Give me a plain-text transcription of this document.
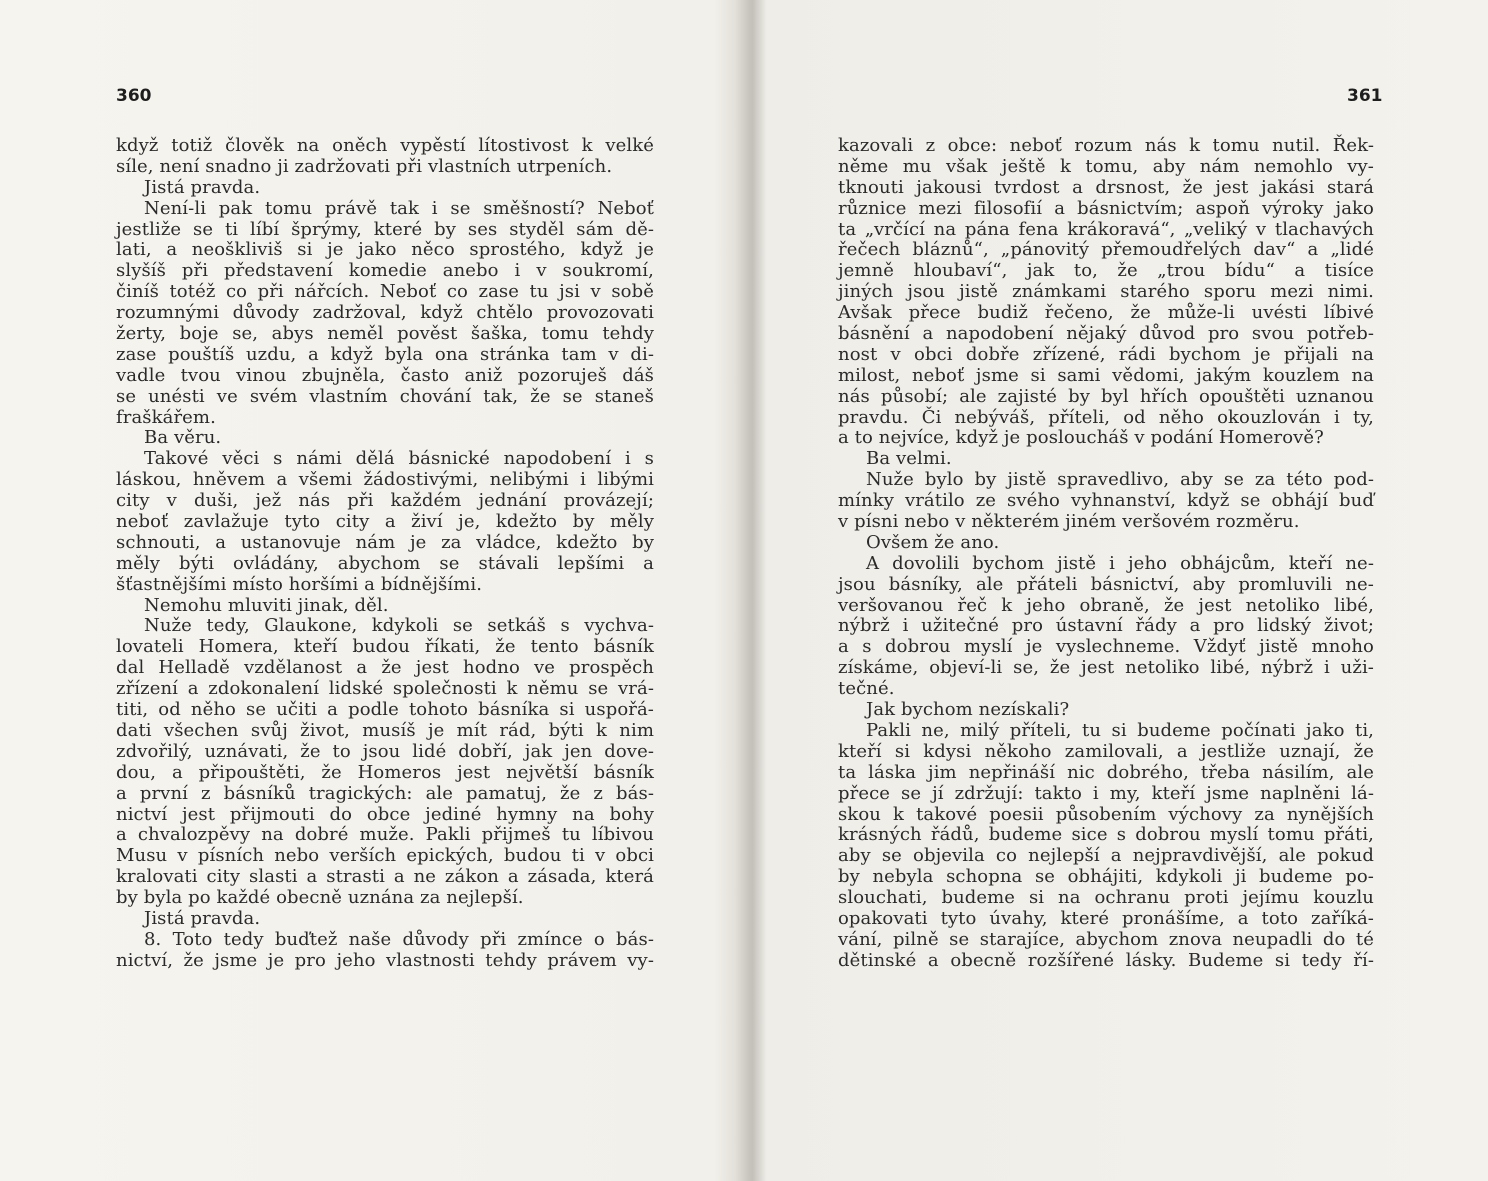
360
když totiž člověk na oněch vypěstí lítostivost k velké
síle, není snadno ji zadržovati při vlastních utrpeních.
Jistá pravda.
Není-li pak tomu právě tak i se směšností? Neboť
jestliže se ti líbí šprýmy, které by ses styděl sám dě-
lati, a neoškliviš si je jako něco sprostého, když je
slyšíš při představení komedie anebo i v soukromí,
činíš totéž co při nářcích. Neboť co zase tu jsi v sobě
rozumnými důvody zadržoval, když chtělo provozovati
žerty, boje se, abys neměl pověst šaška, tomu tehdy
zase pouštíš uzdu, a když byla ona stránka tam v di-
vadle tvou vinou zbujněla, často aniž pozoruješ dáš
se unésti ve svém vlastním chování tak, že se staneš
fraškářem.
Ba věru.
Takové věci s námi dělá básnické napodobení i s
láskou, hněvem a všemi žádostivými, nelibými i libými
city v duši, jež nás při každém jednání provázejí;
neboť zavlažuje tyto city a živí je, kdežto by měly
schnouti, a ustanovuje nám je za vládce, kdežto by
měly býti ovládány, abychom se stávali lepšími a
šťastnějšími místo horšími a bídnějšími.
Nemohu mluviti jinak, děl.
Nuže tedy, Glaukone, kdykoli se setkáš s vychva-
lovateli Homera, kteří budou říkati, že tento básník
dal Helladě vzdělanost a že jest hodno ve prospěch
zřízení a zdokonalení lidské společnosti k němu se vrá-
titi, od něho se učiti a podle tohoto básníka si uspořá-
dati všechen svůj život, musíš je mít rád, býti k nim
zdvořilý, uznávati, že to jsou lidé dobří, jak jen dove-
dou, a připouštěti, že Homeros jest největší básník
a první z básníků tragických: ale pamatuj, že z bás-
nictví jest přijmouti do obce jediné hymny na bohy
a chvalozpěvy na dobré muže. Pakli přijmeš tu líbivou
Musu v písních nebo verších epických, budou ti v obci
kralovati city slasti a strasti a ne zákon a zásada, která
by byla po každé obecně uznána za nejlepší.
Jistá pravda.
8. Toto tedy buďtež naše důvody při zmínce o bás-
nictví, že jsme je pro jeho vlastnosti tehdy právem vy-
361
kazovali z obce: neboť rozum nás k tomu nutil. Řek-
něme mu však ještě k tomu, aby nám nemohlo vy-
tknouti jakousi tvrdost a drsnost, že jest jakási stará
různice mezi filosofií a básnictvím; aspoň výroky jako
ta „vrčící na pána fena krákoravá“, „veliký v tlachavých
řečech bláznů“, „pánovitý přemoudřelých dav“ a „lidé
jemně hloubaví“, jak to, že „trou bídu“ a tisíce
jiných jsou jistě známkami starého sporu mezi nimi.
Avšak přece budiž řečeno, že může-li uvésti líbivé
básnění a napodobení nějaký důvod pro svou potřeb-
nost v obci dobře zřízené, rádi bychom je přijali na
milost, neboť jsme si sami vědomi, jakým kouzlem na
nás působí; ale zajisté by byl hřích opouštěti uznanou
pravdu. Či nebýváš, příteli, od něho okouzlován i ty,
a to nejvíce, když je posloucháš v podání Homerově?
Ba velmi.
Nuže bylo by jistě spravedlivo, aby se za této pod-
mínky vrátilo ze svého vyhnanství, když se obhájí buď
v písni nebo v některém jiném veršovém rozměru.
Ovšem že ano.
A dovolili bychom jistě i jeho obhájcům, kteří ne-
jsou básníky, ale přáteli básnictví, aby promluvili ne-
veršovanou řeč k jeho obraně, že jest netoliko libé,
nýbrž i užitečné pro ústavní řády a pro lidský život;
a s dobrou myslí je vyslechneme. Vždyť jistě mnoho
získáme, objeví-li se, že jest netoliko libé, nýbrž i uži-
tečné.
Jak bychom nezískali?
Pakli ne, milý příteli, tu si budeme počínati jako ti,
kteří si kdysi někoho zamilovali, a jestliže uznají, že
ta láska jim nepřináší nic dobrého, třeba násilím, ale
přece se jí zdržují: takto i my, kteří jsme naplněni lá-
skou k takové poesii působením výchovy za nynějších
krásných řádů, budeme sice s dobrou myslí tomu přáti,
aby se objevila co nejlepší a nejpravdivější, ale pokud
by nebyla schopna se obhájiti, kdykoli ji budeme po-
slouchati, budeme si na ochranu proti jejímu kouzlu
opakovati tyto úvahy, které pronášíme, a toto zaříká-
vání, pilně se starajíce, abychom znova neupadli do té
dětinské a obecně rozšířené lásky. Budeme si tedy ří-
